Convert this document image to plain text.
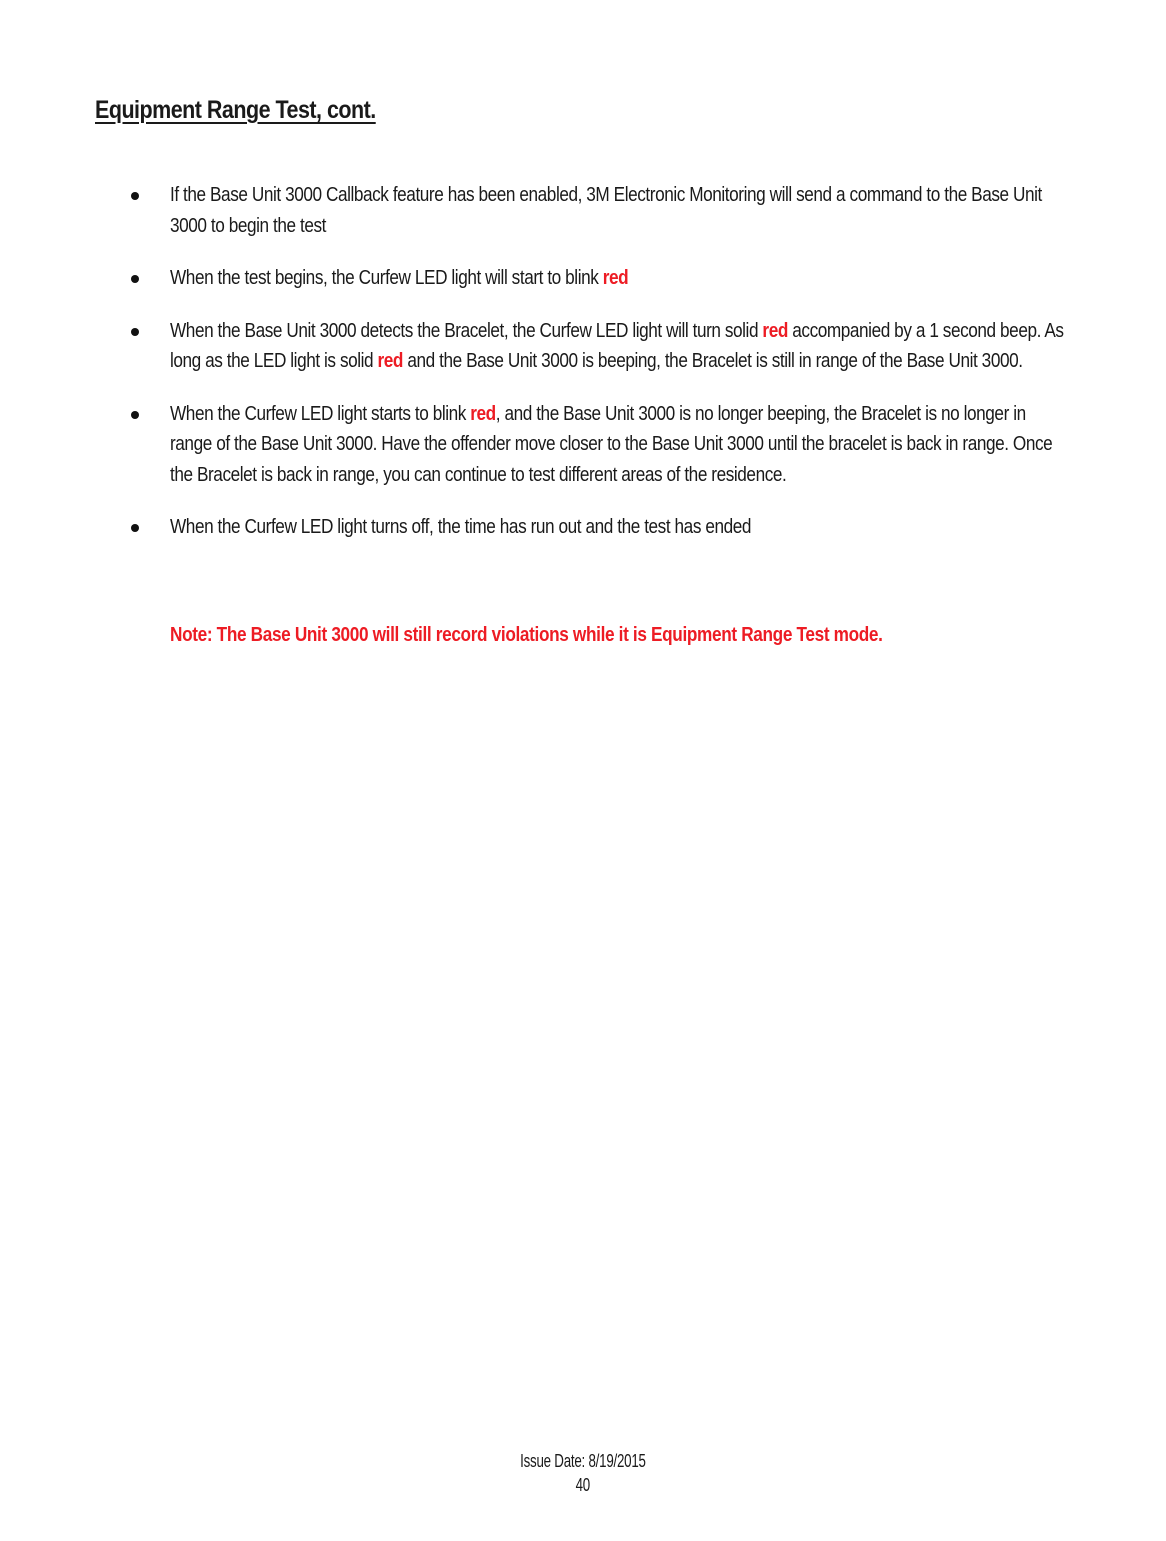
Equipment Range Test, cont.
If the Base Unit 3000 Callback feature has been enabled, 3M Electronic Monitoring will send a command to the Base Unit 3000 to begin the test
When the test begins, the Curfew LED light will start to blink red
When the Base Unit 3000 detects the Bracelet, the Curfew LED light will turn solid red accompanied by a 1 second beep. As long as the LED light is solid red and the Base Unit 3000 is beeping, the Bracelet is still in range of the Base Unit 3000.
When the Curfew LED light starts to blink red, and the Base Unit 3000 is no longer beeping, the Bracelet is no longer in range of the Base Unit 3000. Have the offender move closer to the Base Unit 3000 until the bracelet is back in range. Once the Bracelet is back in range, you can continue to test different areas of the residence.
When the Curfew LED light turns off, the time has run out and the test has ended

Note: The Base Unit 3000 will still record violations while it is Equipment Range Test mode.

Issue Date: 8/19/2015
40
